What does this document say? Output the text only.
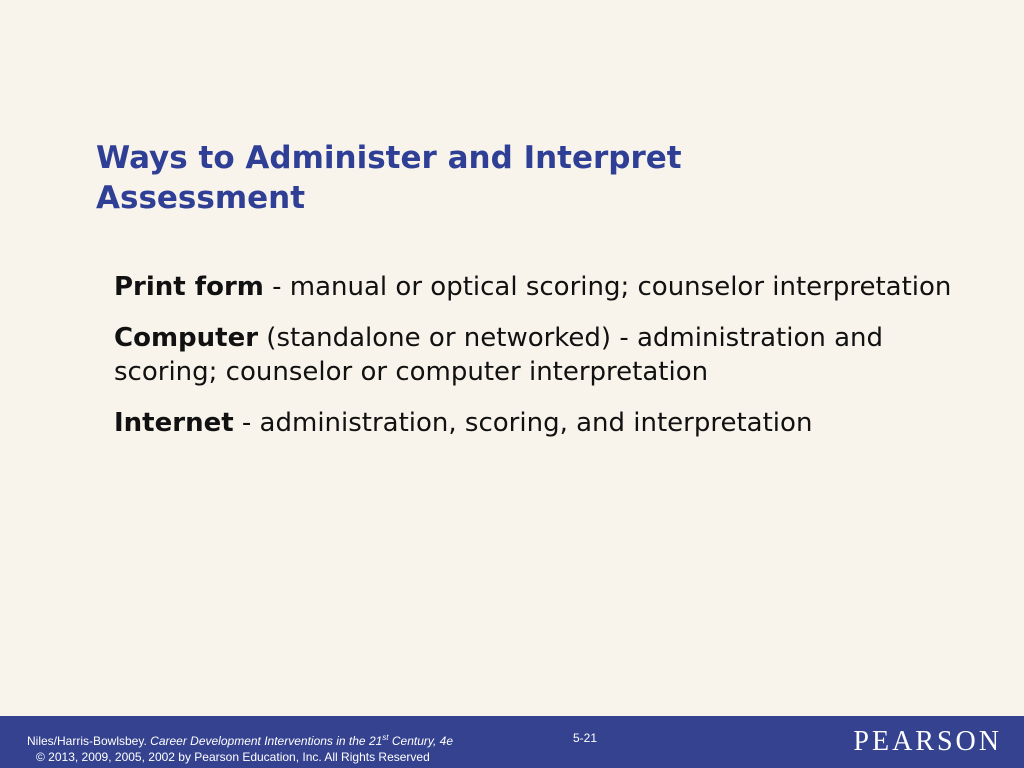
Ways to Administer and Interpret Assessment
Print form - manual or optical scoring; counselor interpretation
Computer (standalone or networked) - administration and scoring; counselor or computer interpretation
Internet - administration, scoring, and interpretation
Niles/Harris-Bowlsbey. Career Development Interventions in the 21st Century, 4e
© 2013, 2009, 2005, 2002 by Pearson Education, Inc. All Rights Reserved
5-21	PEARSON
